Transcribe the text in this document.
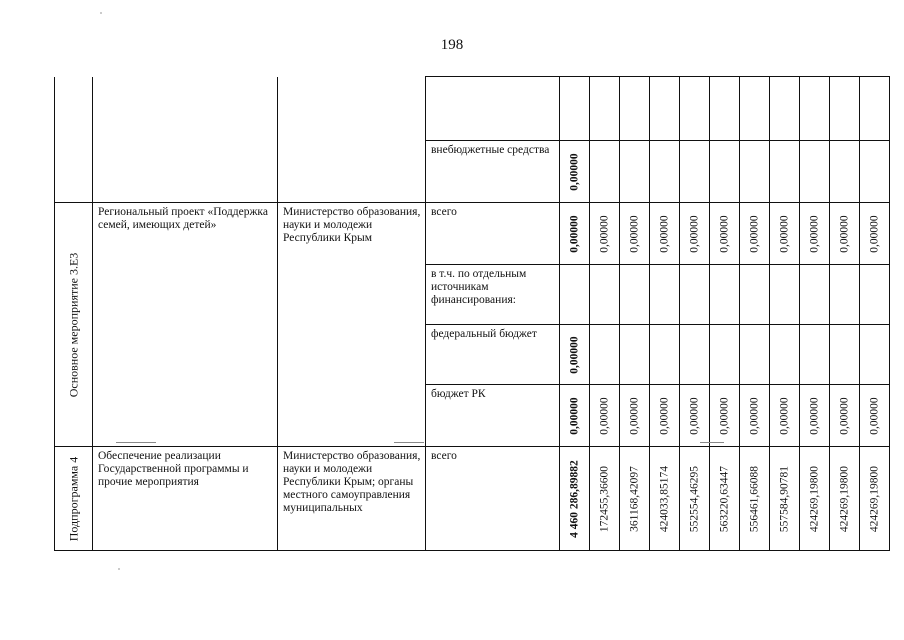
198

			внебюджетные средства	0,00000										

Основное мероприятие 3.Е3	Региональный проект «Поддержка семей, имеющих детей»	Министерство образования, науки и молодежи Республики Крым	всего	0,00000	0,00000	0,00000	0,00000	0,00000	0,00000	0,00000	0,00000	0,00000	0,00000	0,00000

			в т.ч. по отдельным источникам финансирования:											

			федеральный бюджет	0,00000										

			бюджет РК	0,00000	0,00000	0,00000	0,00000	0,00000	0,00000	0,00000	0,00000	0,00000	0,00000	0,00000

Подпрограмма 4	Обеспечение реализации Государственной программы и прочие мероприятия	Министерство образования, науки и молодежи Республики Крым; органы местного самоуправления муниципальных	всего	4 460 286,89882	172455,36600	361168,42097	424033,85174	552554,46295	563220,63447	556461,66088	557584,90781	424269,19800	424269,19800	424269,19800
